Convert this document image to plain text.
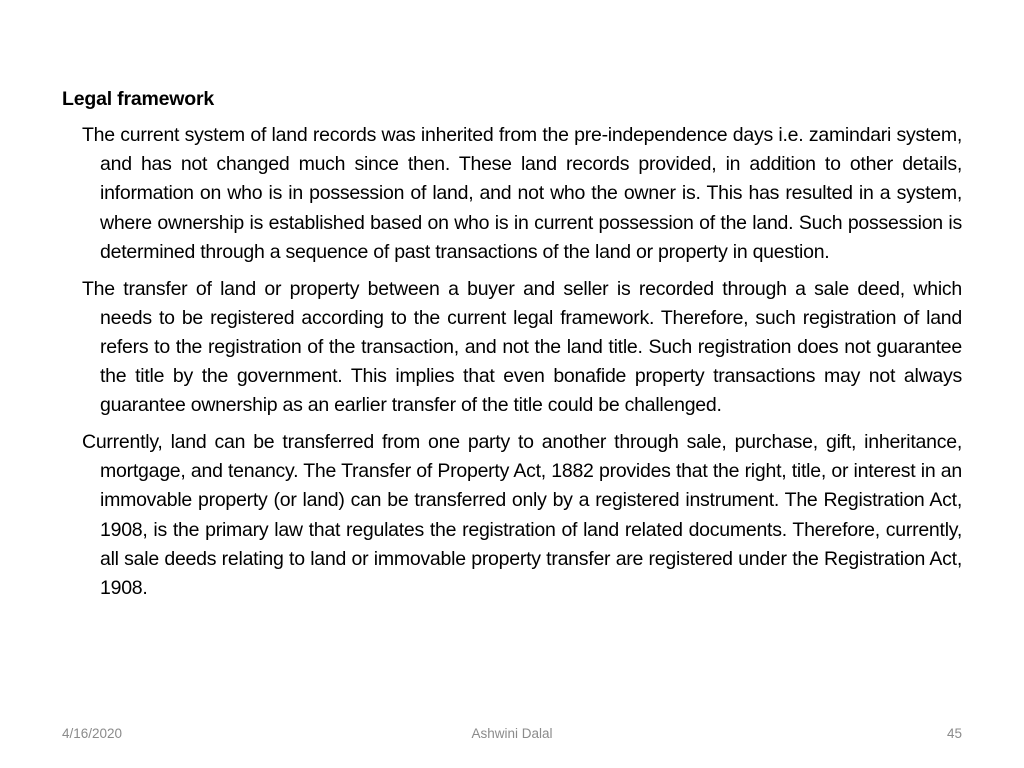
Legal framework

The current system of land records was inherited from the pre-independence days i.e. zamindari system, and has not changed much since then. These land records provided, in addition to other details, information on who is in possession of land, and not who the owner is. This has resulted in a system, where ownership is established based on who is in current possession of the land. Such possession is determined through a sequence of past transactions of the land or property in question.

The transfer of land or property between a buyer and seller is recorded through a sale deed, which needs to be registered according to the current legal framework. Therefore, such registration of land refers to the registration of the transaction, and not the land title. Such registration does not guarantee the title by the government. This implies that even bonafide property transactions may not always guarantee ownership as an earlier transfer of the title could be challenged.

Currently, land can be transferred from one party to another through sale, purchase, gift, inheritance, mortgage, and tenancy. The Transfer of Property Act, 1882 provides that the right, title, or interest in an immovable property (or land) can be transferred only by a registered instrument. The Registration Act, 1908, is the primary law that regulates the registration of land related documents. Therefore, currently, all sale deeds relating to land or immovable property transfer are registered under the Registration Act, 1908.

4/16/2020	Ashwini Dalal	45
